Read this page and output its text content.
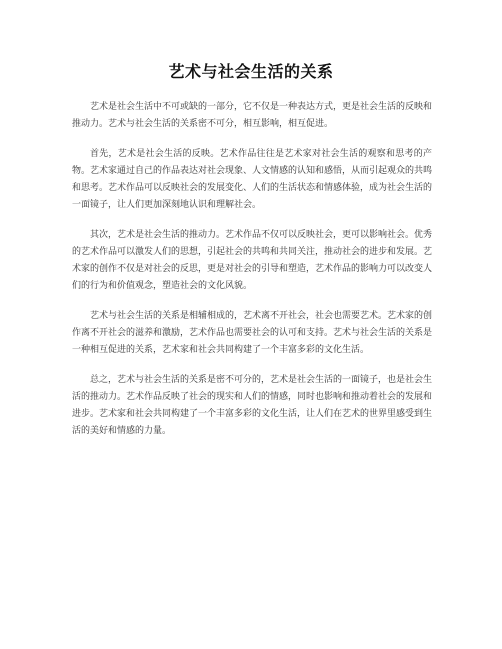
艺术与社会生活的关系

艺术是社会生活中不可或缺的一部分，它不仅是一种表达方式，更是社会生活的反映和推动力。艺术与社会生活的关系密不可分，相互影响，相互促进。

首先，艺术是社会生活的反映。艺术作品往往是艺术家对社会生活的观察和思考的产物。艺术家通过自己的作品表达对社会现象、人文情感的认知和感悟，从而引起观众的共鸣和思考。艺术作品可以反映社会的发展变化、人们的生活状态和情感体验，成为社会生活的一面镜子，让人们更加深刻地认识和理解社会。

其次，艺术是社会生活的推动力。艺术作品不仅可以反映社会，更可以影响社会。优秀的艺术作品可以激发人们的思想，引起社会的共鸣和共同关注，推动社会的进步和发展。艺术家的创作不仅是对社会的反思，更是对社会的引导和塑造，艺术作品的影响力可以改变人们的行为和价值观念，塑造社会的文化风貌。

艺术与社会生活的关系是相辅相成的，艺术离不开社会，社会也需要艺术。艺术家的创作离不开社会的滋养和激励，艺术作品也需要社会的认可和支持。艺术与社会生活的关系是一种相互促进的关系，艺术家和社会共同构建了一个丰富多彩的文化生活。

总之，艺术与社会生活的关系是密不可分的，艺术是社会生活的一面镜子，也是社会生活的推动力。艺术作品反映了社会的现实和人们的情感，同时也影响和推动着社会的发展和进步。艺术家和社会共同构建了一个丰富多彩的文化生活，让人们在艺术的世界里感受到生活的美好和情感的力量。
